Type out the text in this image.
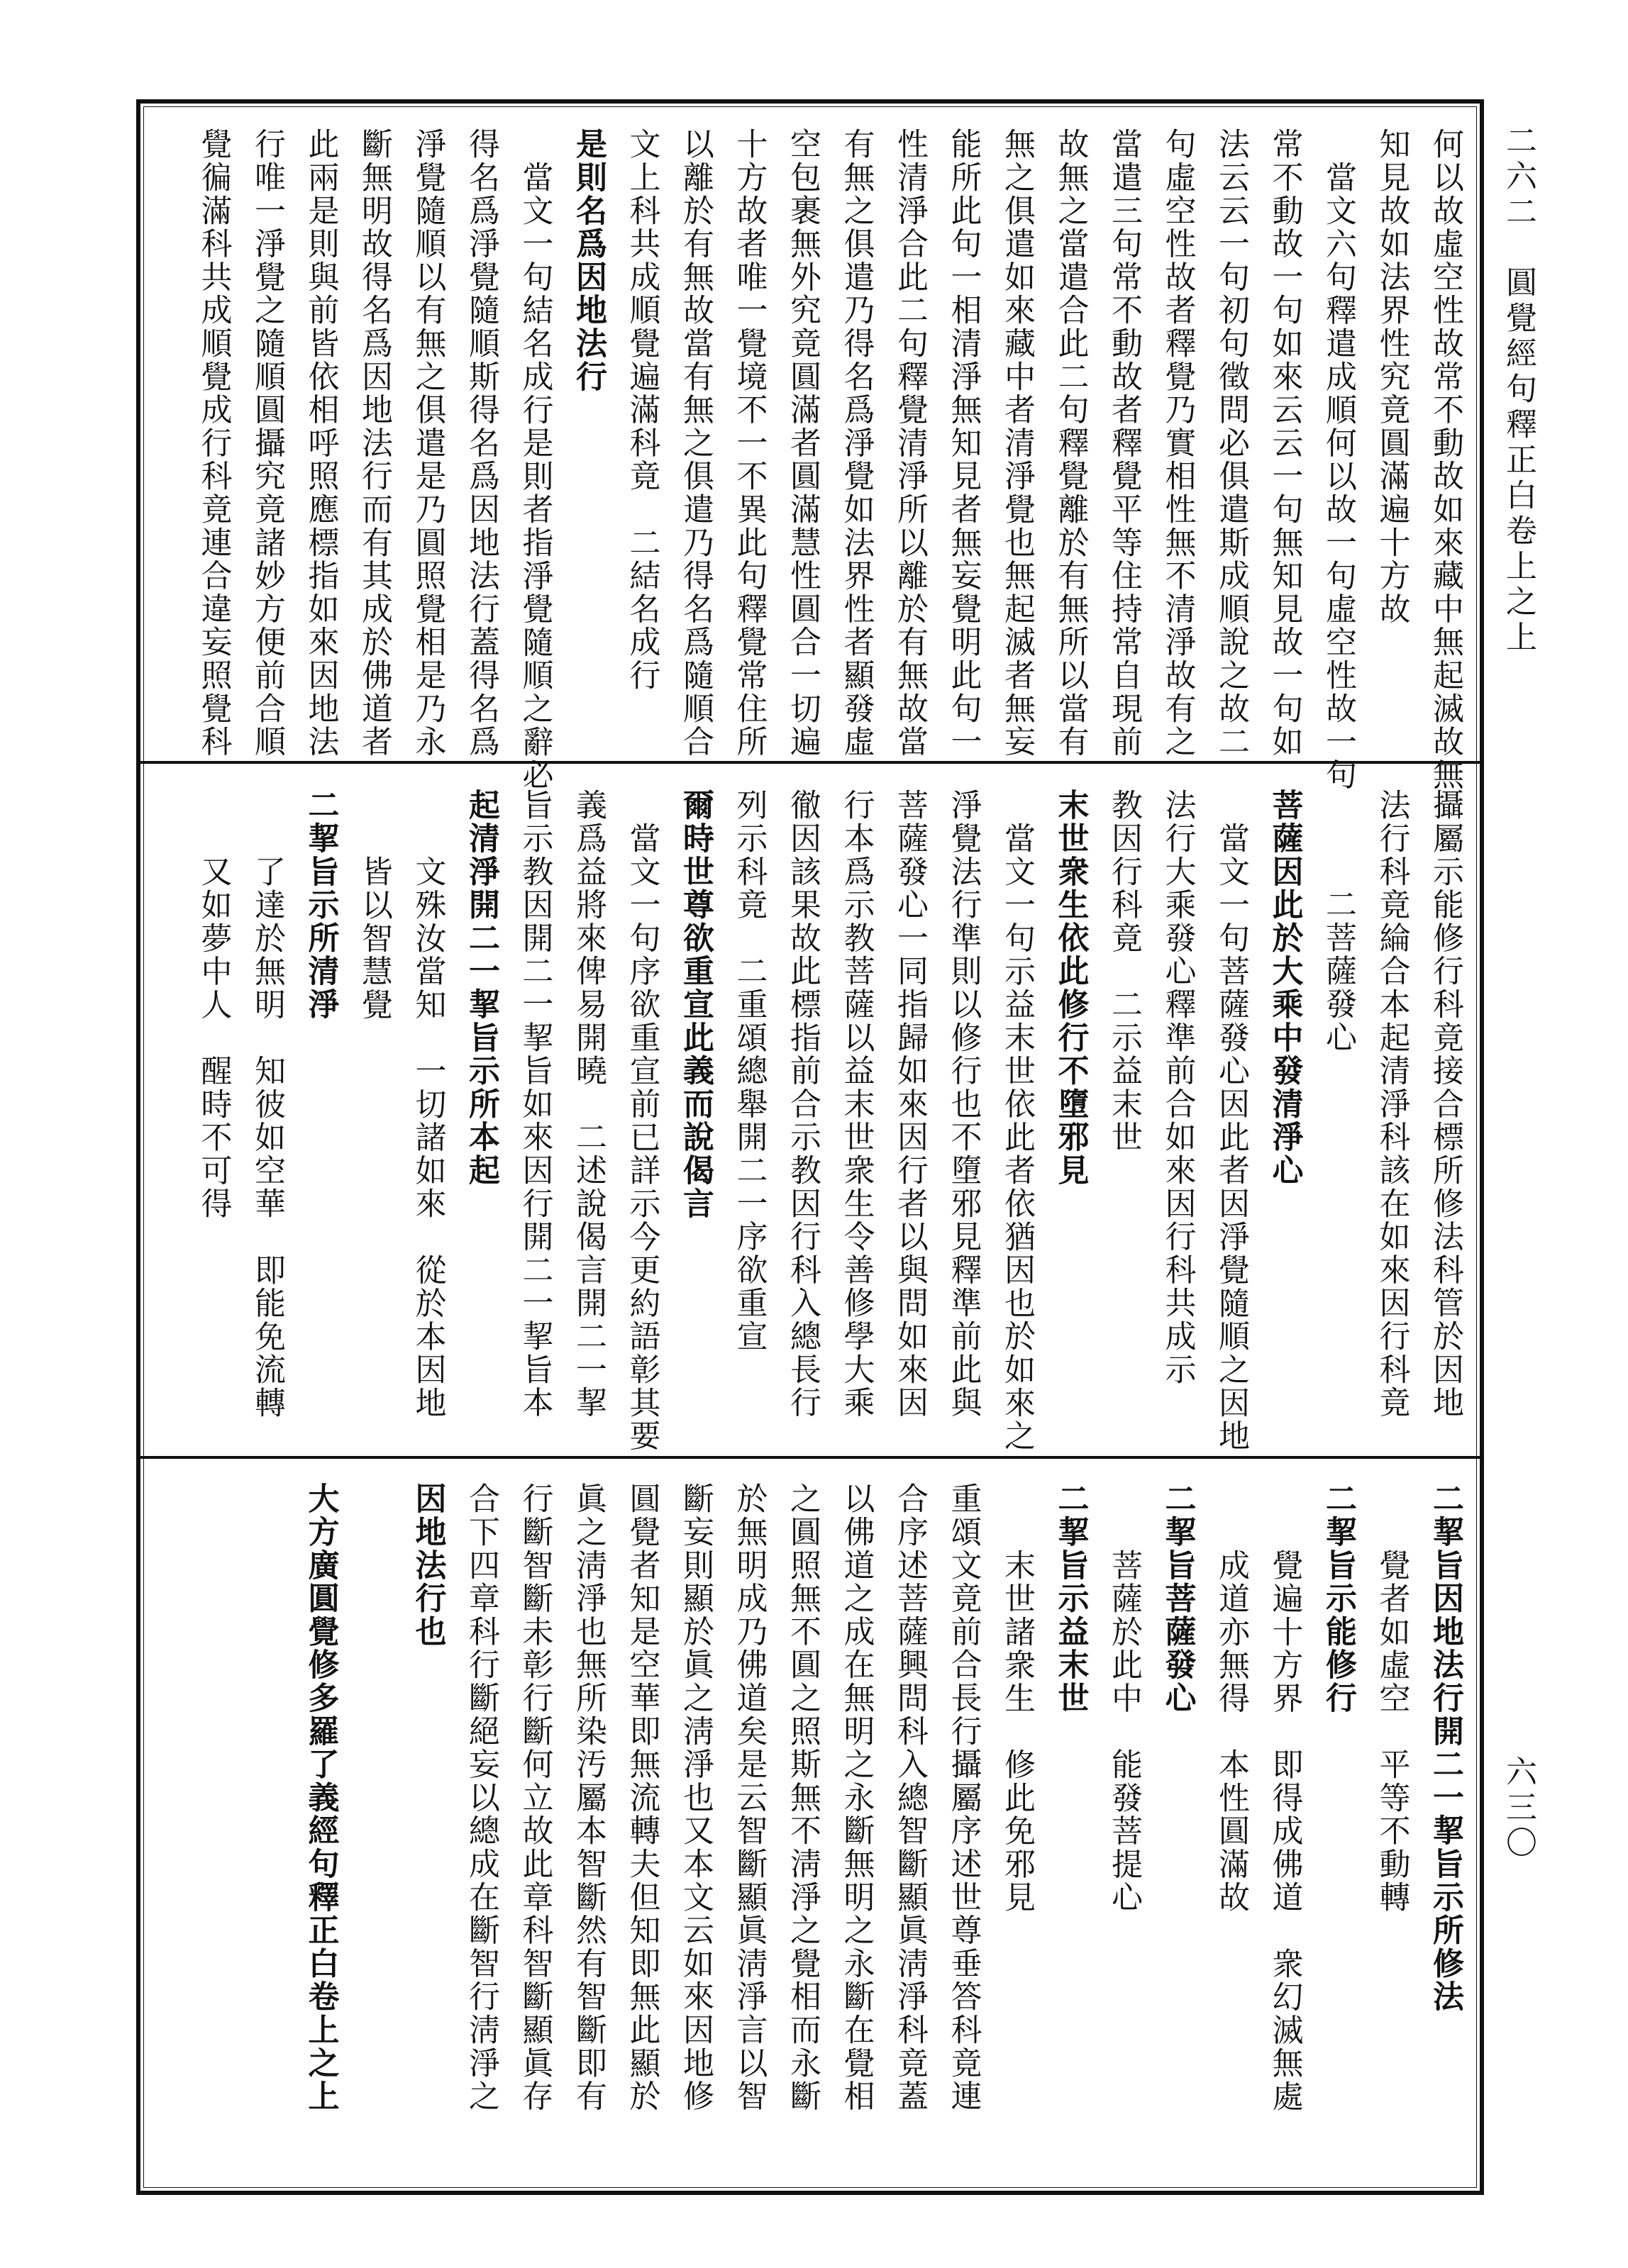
二六二　圓覺經句釋正白卷上之上
六三〇
何以故虛空性故常不動故如來藏中無起滅故無
知見故如法界性究竟圓滿遍十方故
當文六句釋遣成順何以故一句虛空性故一句
常不動故一句如來云云一句無知見故一句如
法云云一句初句徵問必俱遣斯成順說之故二
句虛空性故者釋覺乃實相性無不清淨故有之
當遣三句常不動故者釋覺平等住持常自現前
故無之當遣合此二句釋覺離於有無所以當有
無之俱遣如來藏中者清淨覺也無起滅者無妄
能所此句一相清淨無知見者無妄覺明此句一
性清淨合此二句釋覺清淨所以離於有無故當
有無之俱遣乃得名爲淨覺如法界性者顯發虛
空包裹無外究竟圓滿者圓滿慧性圓合一切遍
十方故者唯一覺境不一不異此句釋覺常住所
以離於有無故當有無之俱遣乃得名爲隨順合
文上科共成順覺遍滿科竟　二結名成行
是則名爲因地法行
當文一句結名成行是則者指淨覺隨順之辭必
得名爲淨覺隨順斯得名爲因地法行蓋得名爲
淨覺隨順以有無之俱遣是乃圓照覺相是乃永
斷無明故得名爲因地法行而有其成於佛道者
此兩是則與前皆依相呼照應標指如來因地法
行唯一淨覺之隨順圓攝究竟諸妙方便前合順
覺徧滿科共成順覺成行科竟連合違妄照覺科
攝屬示能修行科竟接合標所修法科管於因地
法行科竟綸合本起清淨科該在如來因行科竟
二菩薩發心
菩薩因此於大乘中發清淨心
當文一句菩薩發心因此者因淨覺隨順之因地
法行大乘發心釋準前合如來因行科共成示
教因行科竟　二示益末世
末世衆生依此修行不墮邪見
當文一句示益末世依此者依猶因也於如來之
淨覺法行準則以修行也不墮邪見釋準前此與
菩薩發心一同指歸如來因行者以與問如來因
行本爲示教菩薩以益末世衆生令善修學大乘
徹因該果故此標指前合示教因行科入總長行
列示科竟　二重頌總舉開二一序欲重宣
爾時世尊欲重宣此義而說偈言
當文一句序欲重宣前已詳示今更約語彰其要
義爲益將來俾易開曉　二述說偈言開二一挈
旨示教因開二一挈旨如來因行開二一挈旨本
起清淨開二一挈旨示所本起
文殊汝當知　一切諸如來　從於本因地
皆以智慧覺
二挈旨示所清淨
了達於無明　知彼如空華　即能免流轉
又如夢中人　醒時不可得
二挈旨因地法行開二一挈旨示所修法
覺者如虛空　平等不動轉
二挈旨示能修行
覺遍十方界　即得成佛道　衆幻滅無處
成道亦無得　本性圓滿故
二挈旨菩薩發心
菩薩於此中　能發菩提心
二挈旨示益末世
末世諸衆生　修此免邪見
重頌文竟前合長行攝屬序述世尊垂答科竟連
合序述菩薩興問科入總智斷顯眞淸淨科竟蓋
以佛道之成在無明之永斷無明之永斷在覺相
之圓照無不圓之照斯無不淸淨之覺相而永斷
於無明成乃佛道矣是云智斷顯眞淸淨言以智
斷妄則顯於眞之淸淨也又本文云如來因地修
圓覺者知是空華即無流轉夫但知即無此顯於
眞之淸淨也無所染汚屬本智斷然有智斷即有
行斷智斷未彰行斷何立故此章科智斷顯眞存
合下四章科行斷絕妄以總成在斷智行淸淨之
因地法行也
大方廣圓覺修多羅了義經句釋正白卷上之上
